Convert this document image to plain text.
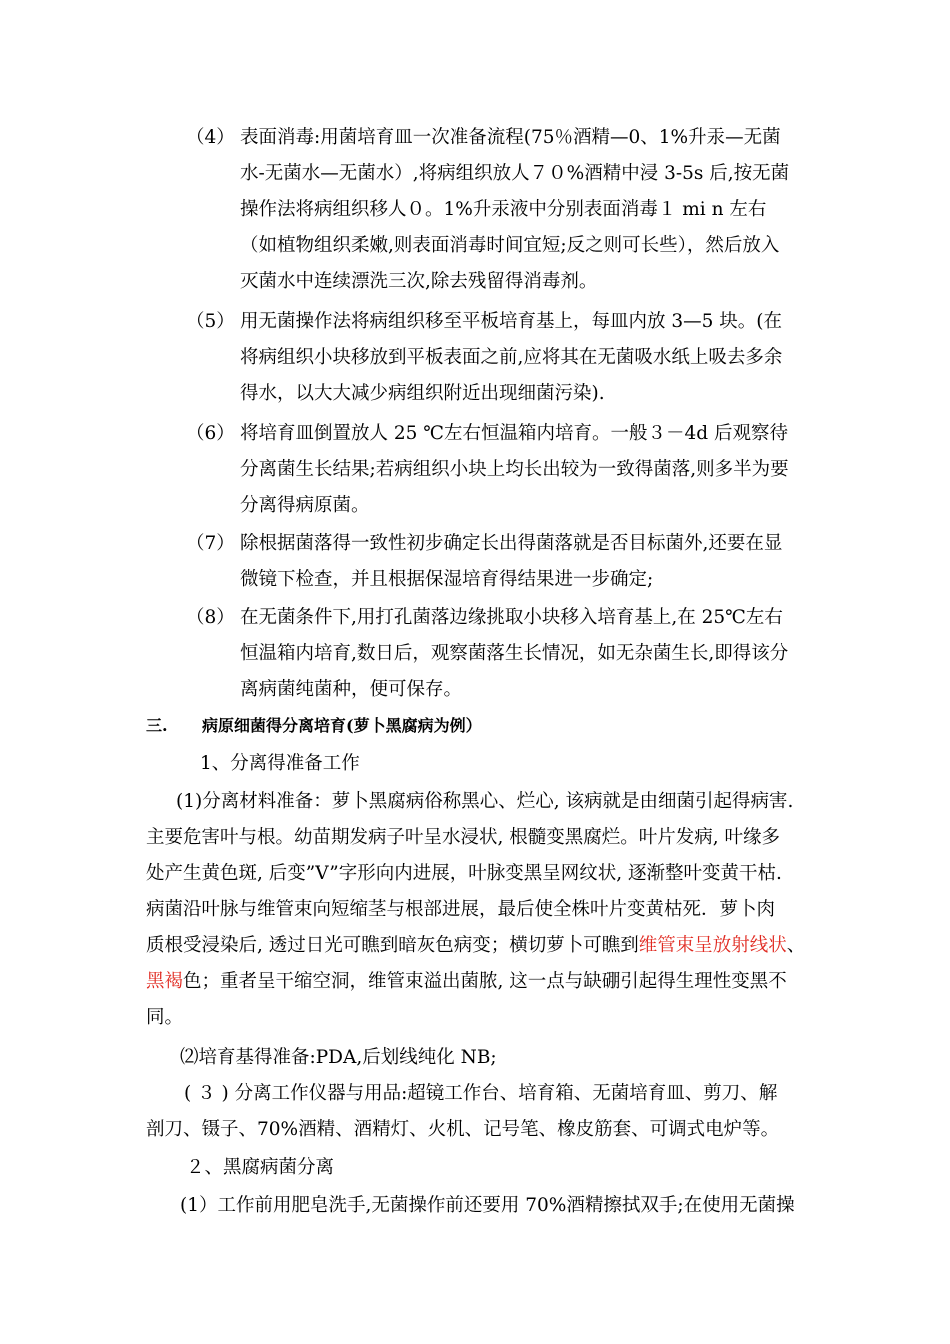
（4） 表面消毒:用菌培育皿一次准备流程(75％酒精—0、1%升汞—无菌
水-无菌水—无菌水）,将病组织放人７０%酒精中浸 3-5s 后,按无菌
操作法将病组织移人０。1%升汞液中分别表面消毒１ mi n 左右
（如植物组织柔嫩,则表面消毒时间宜短;反之则可长些），然后放入
灭菌水中连续漂洗三次,除去残留得消毒剂。
（5） 用无菌操作法将病组织移至平板培育基上，每皿内放 3—5 块。(在
将病组织小块移放到平板表面之前,应将其在无菌吸水纸上吸去多余
得水，以大大减少病组织附近出现细菌污染).
（6） 将培育皿倒置放人 25 ℃左右恒温箱内培育。一般３－4d 后观察待
分离菌生长结果;若病组织小块上均长出较为一致得菌落,则多半为要
分离得病原菌。
（7） 除根据菌落得一致性初步确定长出得菌落就是否目标菌外,还要在显
微镜下检查，并且根据保湿培育得结果进一步确定;
（8） 在无菌条件下,用打孔菌落边缘挑取小块移入培育基上,在 25℃左右
恒温箱内培育,数日后，观察菌落生长情况，如无杂菌生长,即得该分
离病菌纯菌种，便可保存。
三. 病原细菌得分离培育(萝卜黑腐病为例）
1、分离得准备工作
(1)分离材料准备：萝卜黑腐病俗称黑心、烂心, 该病就是由细菌引起得病害.
主要危害叶与根。幼苗期发病子叶呈水浸状, 根髓变黑腐烂。叶片发病, 叶缘多
处产生黄色斑, 后变”V”字形向内进展，叶脉变黑呈网纹状, 逐渐整叶变黄干枯.
病菌沿叶脉与维管束向短缩茎与根部进展，最后使全株叶片变黄枯死．萝卜肉
质根受浸染后, 透过日光可瞧到暗灰色病变；横切萝卜可瞧到维管束呈放射线状、
黑褐色；重者呈干缩空洞，维管束溢出菌脓, 这一点与缺硼引起得生理性变黑不
同。
⑵培育基得准备:PDA,后划线纯化 NB;
( ３ ) 分离工作仪器与用品:超镜工作台、培育箱、无菌培育皿、剪刀、解
剖刀、镊子、70%酒精、酒精灯、火机、记号笔、橡皮筋套、可调式电炉等。
２、黑腐病菌分离
(1）工作前用肥皂洗手,无菌操作前还要用 70%酒精擦拭双手;在使用无菌操
